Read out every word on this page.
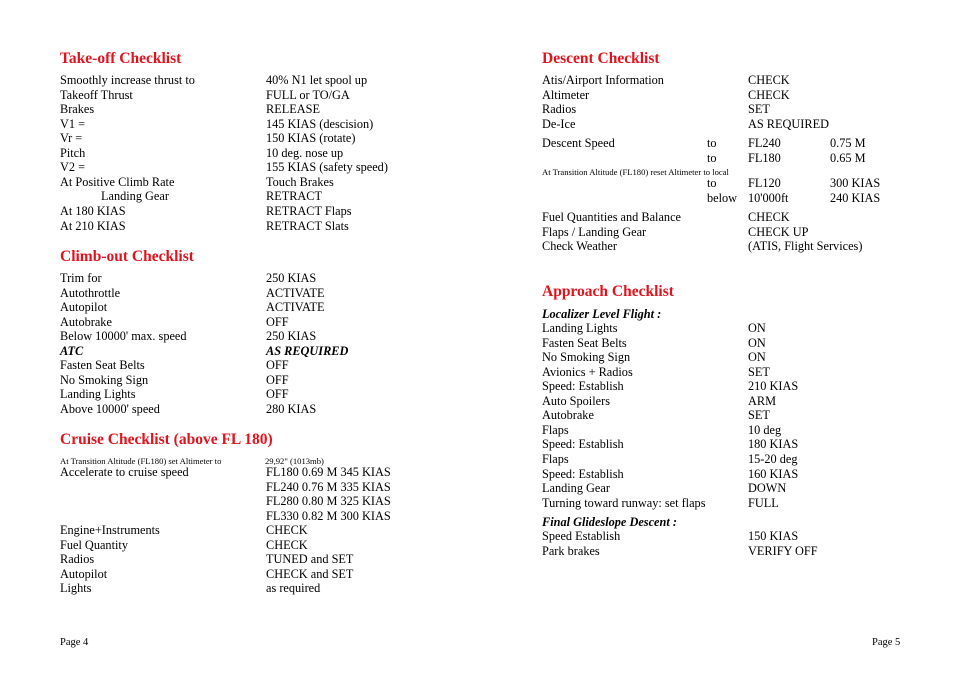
Take-off Checklist
Smoothly increase thrust to	40% N1 let spool up
Takeoff Thrust	FULL or TO/GA
Brakes	RELEASE
V1 =	145 KIAS (descision)
Vr =	150 KIAS (rotate)
Pitch	10 deg. nose up
V2 =	155 KIAS (safety speed)
At Positive Climb Rate	Touch Brakes
Landing Gear	RETRACT
At 180 KIAS	RETRACT Flaps
At 210 KIAS	RETRACT Slats
Climb-out Checklist
Trim for	250 KIAS
Autothrottle	ACTIVATE
Autopilot	ACTIVATE
Autobrake	OFF
Below 10000' max. speed	250 KIAS
ATC	AS REQUIRED
Fasten Seat Belts	OFF
No Smoking Sign	OFF
Landing Lights	OFF
Above 10000' speed	280 KIAS
Cruise Checklist (above FL 180)
At Transition Altitude (FL180) set Altimeter to	29,92" (1013mb)
Accelerate to cruise speed	FL180 0.69 M 345 KIAS
FL240 0.76 M 335 KIAS
FL280 0.80 M 325 KIAS
FL330 0.82 M 300 KIAS
Engine+Instruments	CHECK
Fuel Quantity	CHECK
Radios	TUNED and SET
Autopilot	CHECK and SET
Lights	as required
Page 4
Descent Checklist
Atis/Airport Information	CHECK
Altimeter	CHECK
Radios	SET
De-Ice	AS REQUIRED
Descent Speed	to	FL240	0.75 M
to	FL180	0.65 M
At Transition Altitude (FL180) reset Altimeter to local
to	FL120	300 KIAS
below 10'000ft	240 KIAS
Fuel Quantities and Balance	CHECK
Flaps / Landing Gear	CHECK UP
Check Weather	(ATIS, Flight Services)
Approach Checklist
Localizer Level Flight :
Landing Lights	ON
Fasten Seat Belts	ON
No Smoking Sign	ON
Avionics + Radios	SET
Speed: Establish	210 KIAS
Auto Spoilers	ARM
Autobrake	SET
Flaps	10 deg
Speed: Establish	180 KIAS
Flaps	15-20 deg
Speed: Establish	160 KIAS
Landing Gear	DOWN
Turning toward runway: set flaps	FULL
Final Glideslope Descent :
Speed Establish	150 KIAS
Park brakes	VERIFY OFF
Page 5
